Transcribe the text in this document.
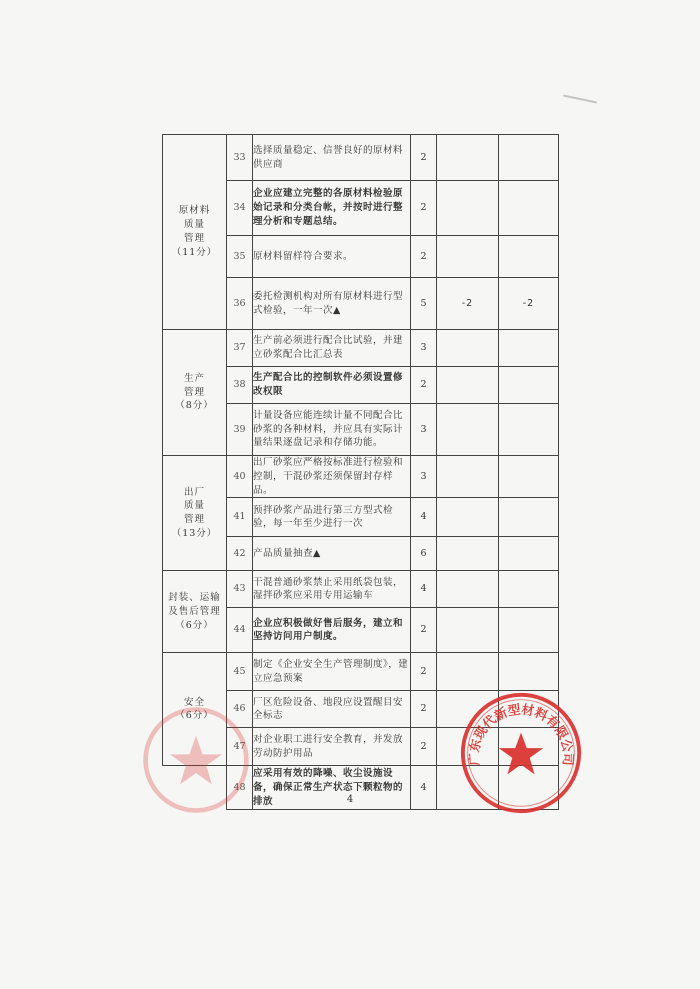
原材料
质量
管理
（11分）	33	选择质量稳定、信誉良好的原材料供应商	2		
	34	企业应建立完整的各原材料检验原始记录和分类台帐，并按时进行整理分析和专题总结。	2		
	35	原材料留样符合要求。	2		
	36	委托检测机构对所有原材料进行型式检验，一年一次▲	5	-2	-2

生产
管理
（8分）	37	生产前必须进行配合比试验，并建立砂浆配合比汇总表	3		
	38	生产配合比的控制软件必须设置修改权限	2		
	39	计量设备应能连续计量不同配合比砂浆的各种材料，并应具有实际计量结果逐盘记录和存储功能。	3		

出厂
质量
管理
（13分）	40	出厂砂浆应严格按标准进行检验和控制，干混砂浆还须保留封存样品。	3		
	41	预拌砂浆产品进行第三方型式检验，每一年至少进行一次	4		
	42	产品质量抽查▲	6		

封装、运输
及售后管理
（6分）	43	干混普通砂浆禁止采用纸袋包装，湿拌砂浆应采用专用运输车	4		
	44	企业应积极做好售后服务，建立和坚持访问用户制度。	2		

安全
（6分）	45	制定《企业安全生产管理制度》，建立应急预案	2		
	46	厂区危险设备、地段应设置醒目安全标志	2		
	47	对企业职工进行安全教育，并发放劳动防护用品	2		
	48	应采用有效的降噪、收尘设施设备，确保正常生产状态下颗粒物的排放	4		
4
广东现代新型材料有限公司
